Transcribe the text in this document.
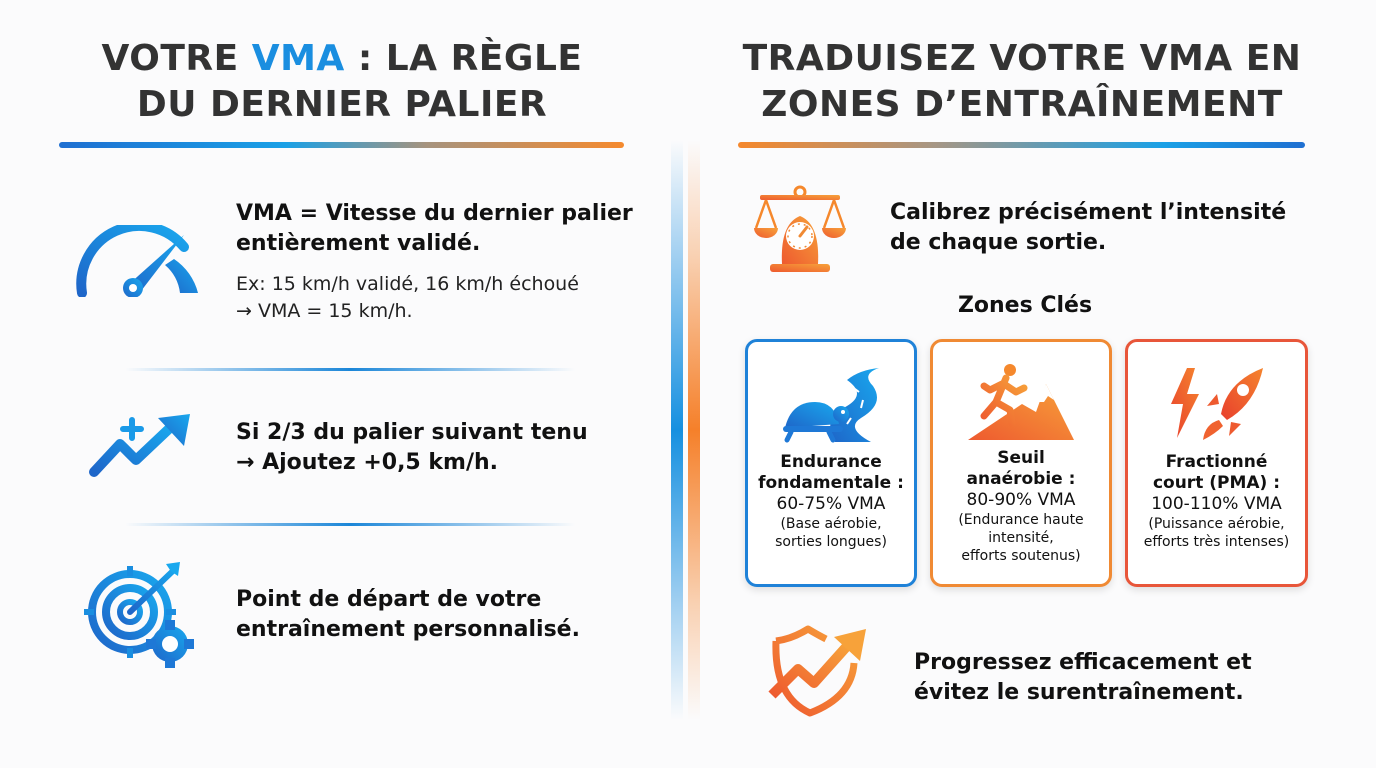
VOTRE VMA : LA RÈGLE
DU DERNIER PALIER
VMA = Vitesse du dernier palier
entièrement validé.
Ex: 15 km/h validé, 16 km/h échoué
→ VMA = 15 km/h.
Si 2/3 du palier suivant tenu
→ Ajoutez +0,5 km/h.
Point de départ de votre
entraînement personnalisé.
TRADUISEZ VOTRE VMA EN
ZONES D’ENTRAÎNEMENT
Calibrez précisément l’intensité
de chaque sortie.
Zones Clés
Endurance
fondamentale :
60-75% VMA
(Base aérobie,
sorties longues)
Seuil
anaérobie :
80-90% VMA
(Endurance haute
intensité,
efforts soutenus)
Fractionné
court (PMA) :
100-110% VMA
(Puissance aérobie,
efforts très intenses)
Progressez efficacement et
évitez le surentraînement.
